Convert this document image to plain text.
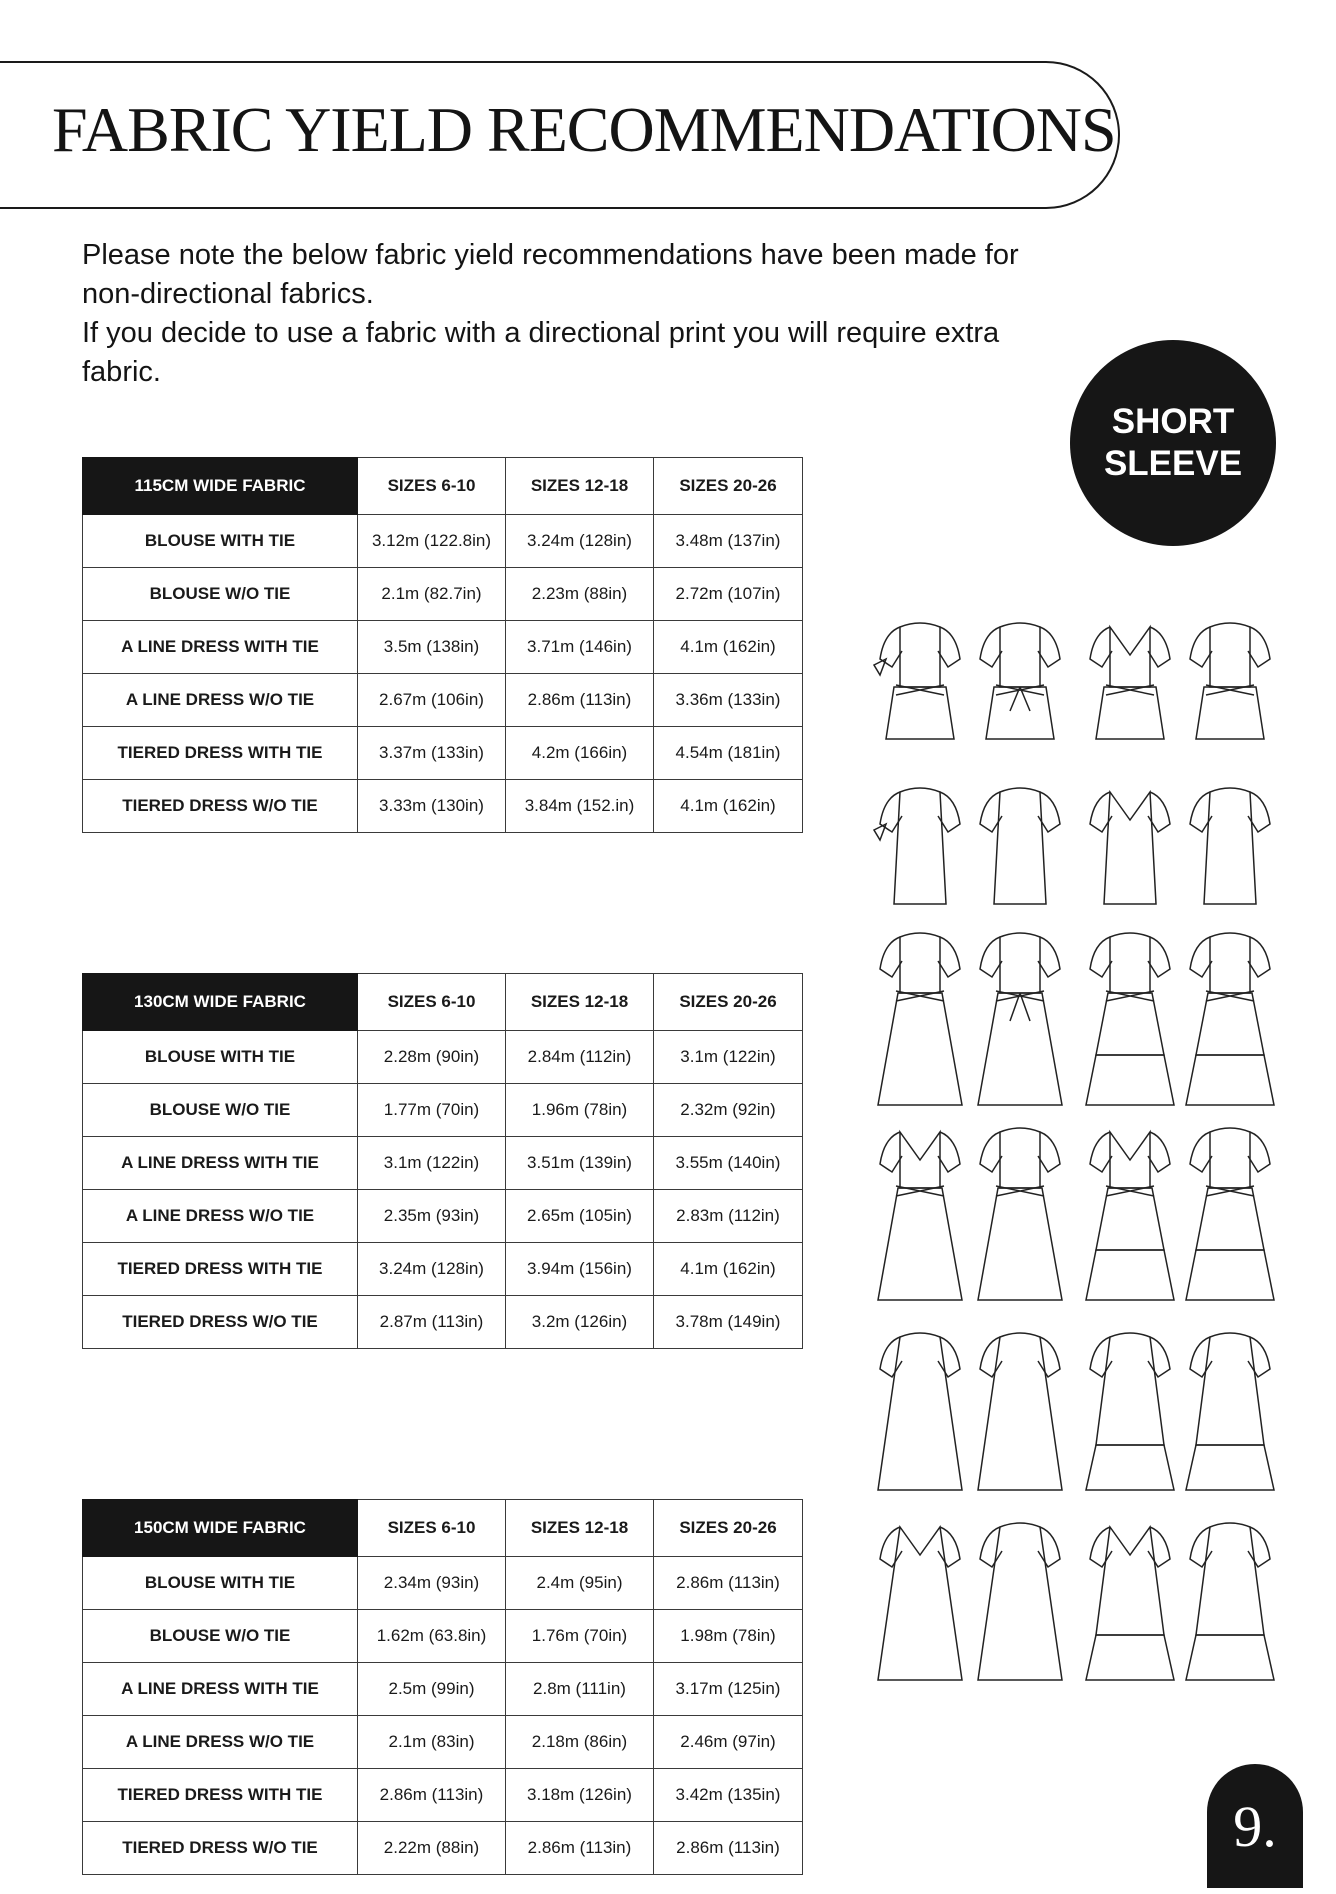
FABRIC YIELD RECOMMENDATIONS

Please note the below fabric yield recommendations have been made for non-directional fabrics.

If you decide to use a fabric with a directional print you will require extra fabric.

SHORT
SLEEVE
115CM WIDE FABRIC	SIZES 6-10	SIZES 12-18	SIZES 20-26
BLOUSE WITH TIE	3.12m (122.8in)	3.24m (128in)	3.48m (137in)
BLOUSE W/O TIE	2.1m (82.7in)	2.23m (88in)	2.72m (107in)
A LINE DRESS WITH TIE	3.5m (138in)	3.71m (146in)	4.1m (162in)
A LINE DRESS W/O TIE	2.67m (106in)	2.86m (113in)	3.36m (133in)
TIERED DRESS WITH TIE	3.37m (133in)	4.2m (166in)	4.54m (181in)
TIERED DRESS W/O TIE	3.33m (130in)	3.84m (152.in)	4.1m (162in)
130CM WIDE FABRIC	SIZES 6-10	SIZES 12-18	SIZES 20-26
BLOUSE WITH TIE	2.28m (90in)	2.84m (112in)	3.1m (122in)
BLOUSE W/O TIE	1.77m (70in)	1.96m (78in)	2.32m (92in)
A LINE DRESS WITH TIE	3.1m (122in)	3.51m (139in)	3.55m (140in)
A LINE DRESS W/O TIE	2.35m (93in)	2.65m (105in)	2.83m (112in)
TIERED DRESS WITH TIE	3.24m (128in)	3.94m (156in)	4.1m (162in)
TIERED DRESS W/O TIE	2.87m (113in)	3.2m (126in)	3.78m (149in)
150CM WIDE FABRIC	SIZES 6-10	SIZES 12-18	SIZES 20-26
BLOUSE WITH TIE	2.34m (93in)	2.4m (95in)	2.86m (113in)
BLOUSE W/O TIE	1.62m (63.8in)	1.76m (70in)	1.98m (78in)
A LINE DRESS WITH TIE	2.5m (99in)	2.8m (111in)	3.17m (125in)
A LINE DRESS W/O TIE	2.1m (83in)	2.18m (86in)	2.46m (97in)
TIERED DRESS WITH TIE	2.86m (113in)	3.18m (126in)	3.42m (135in)
TIERED DRESS W/O TIE	2.22m (88in)	2.86m (113in)	2.86m (113in)	9.
